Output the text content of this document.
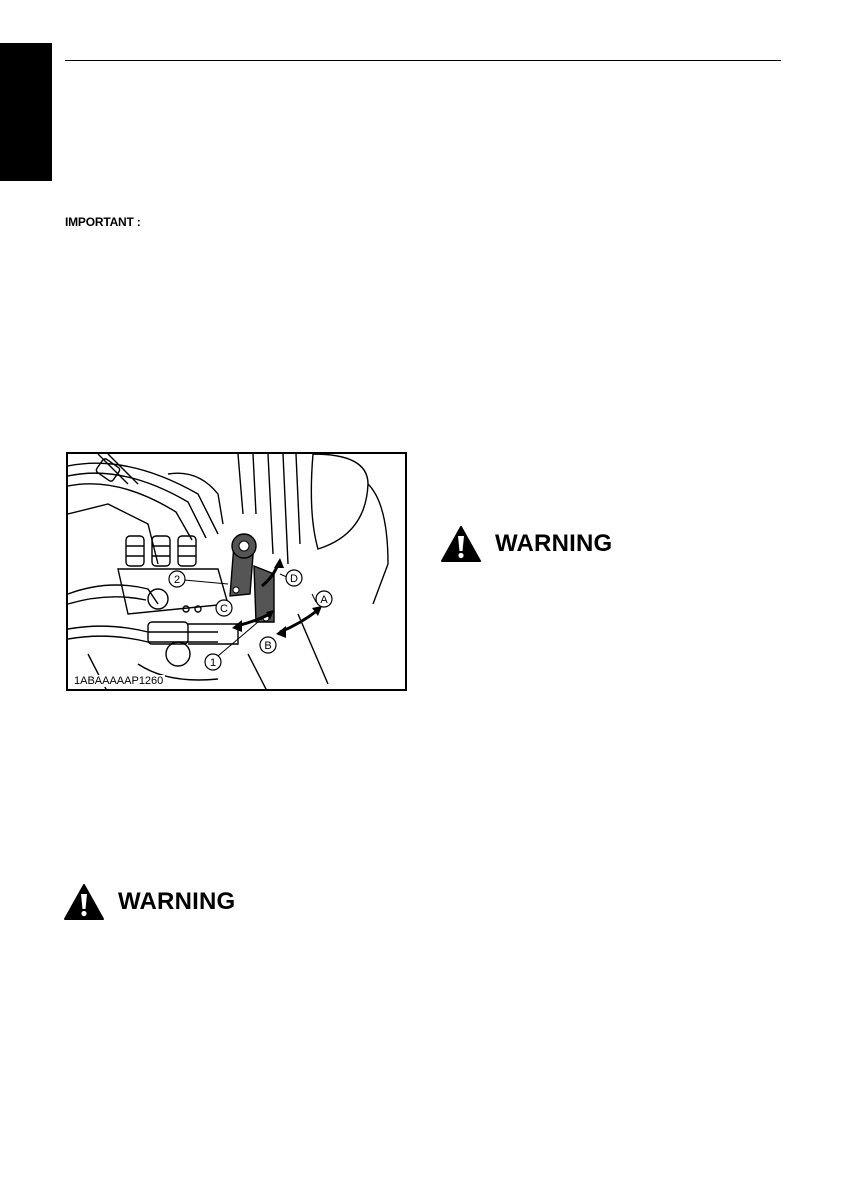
IMPORTANT :
2
1
A
B
C
D
1ABAAAAAP1260
WARNING
WARNING
